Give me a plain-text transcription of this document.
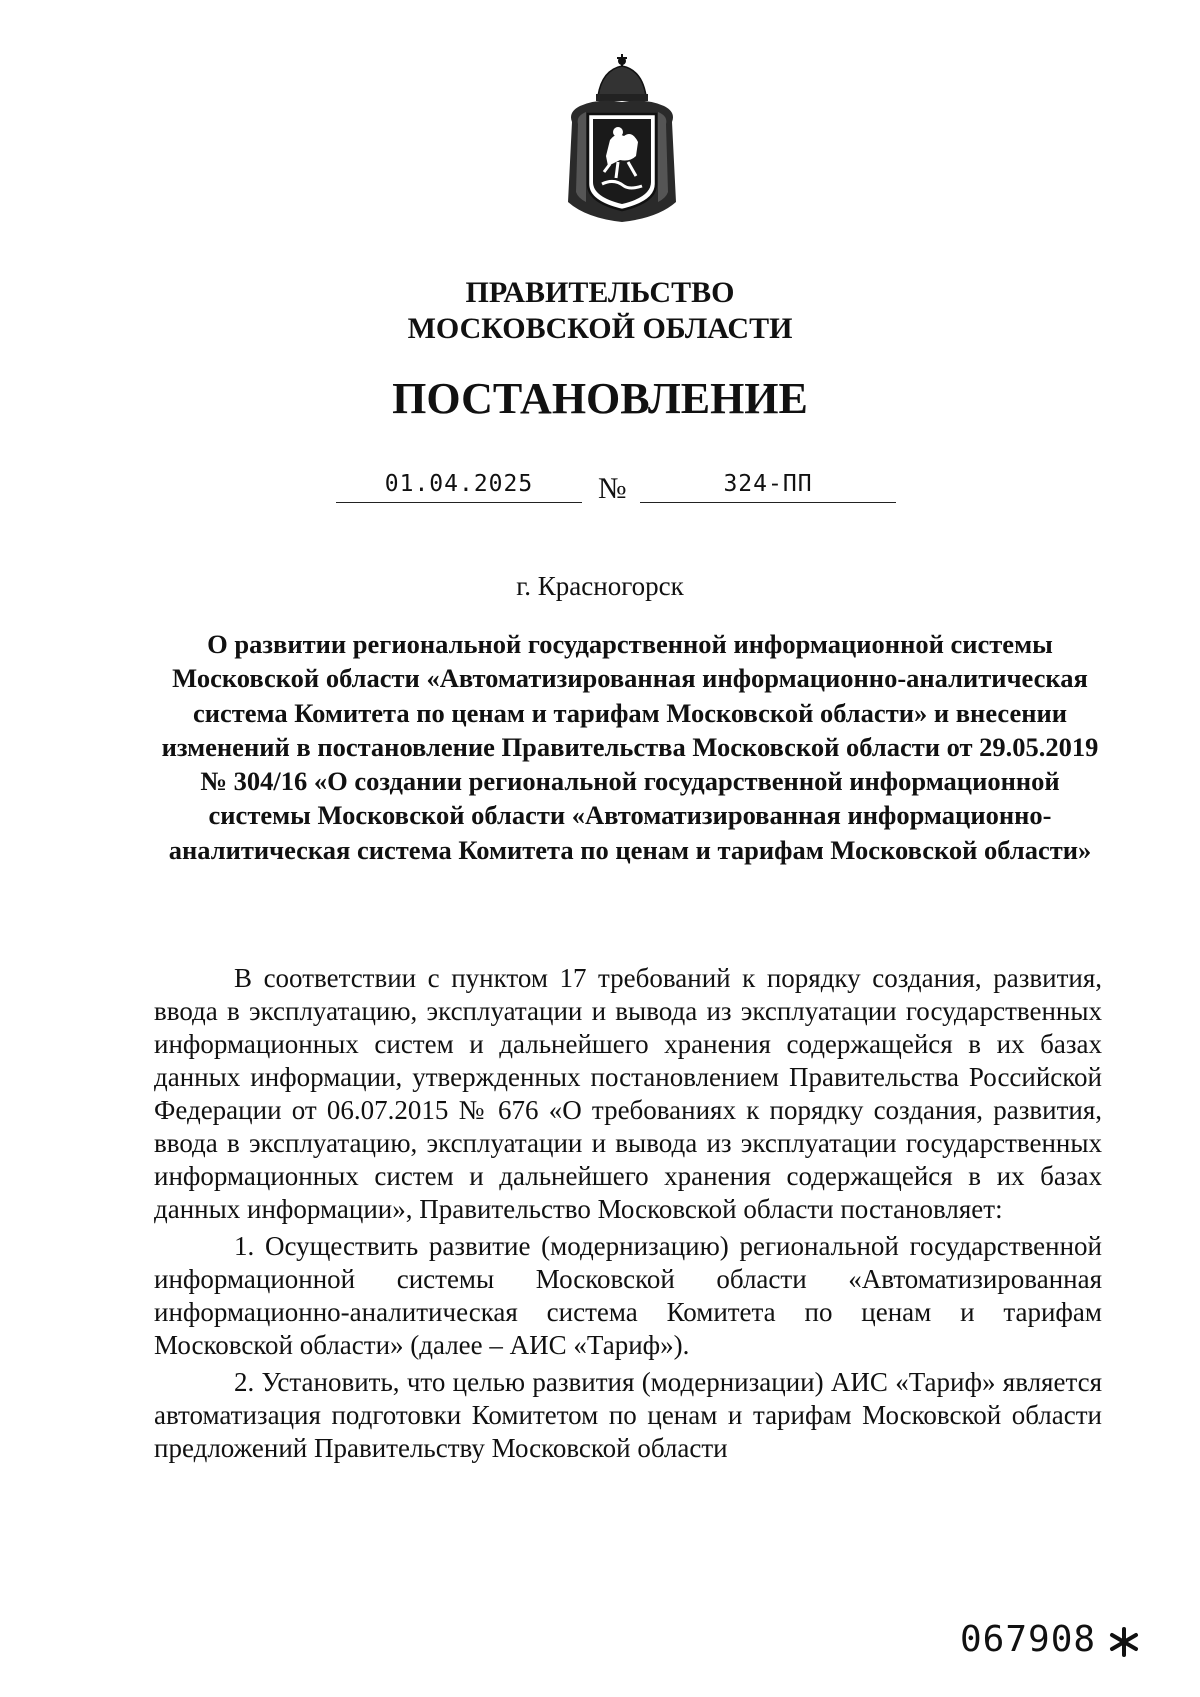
ПРАВИТЕЛЬСТВО
МОСКОВСКОЙ ОБЛАСТИ
ПОСТАНОВЛЕНИЕ
01.04.2025	№	324-ПП
г. Красногорск
О развитии региональной государственной информационной системы Московской области «Автоматизированная информационно-аналитическая система Комитета по ценам и тарифам Московской области» и внесении изменений в постановление Правительства Московской области от 29.05.2019 № 304/16 «О создании региональной государственной информационной системы Московской области «Автоматизированная информационно-аналитическая система Комитета по ценам и тарифам Московской области»

В соответствии с пунктом 17 требований к порядку создания, развития, ввода в эксплуатацию, эксплуатации и вывода из эксплуатации государственных информационных систем и дальнейшего хранения содержащейся в их базах данных информации, утвержденных постановлением Правительства Российской Федерации от 06.07.2015 № 676 «О требованиях к порядку создания, развития, ввода в эксплуатацию, эксплуатации и вывода из эксплуатации государственных информационных систем и дальнейшего хранения содержащейся в их базах данных информации», Правительство Московской области постановляет:

1. Осуществить развитие (модернизацию) региональной государственной информационной системы Московской области «Автоматизированная информационно-аналитическая система Комитета по ценам и тарифам Московской области» (далее – АИС «Тариф»).

2. Установить, что целью развития (модернизации) АИС «Тариф» является автоматизация подготовки Комитетом по ценам и тарифам Московской области предложений Правительству Московской области

067908
